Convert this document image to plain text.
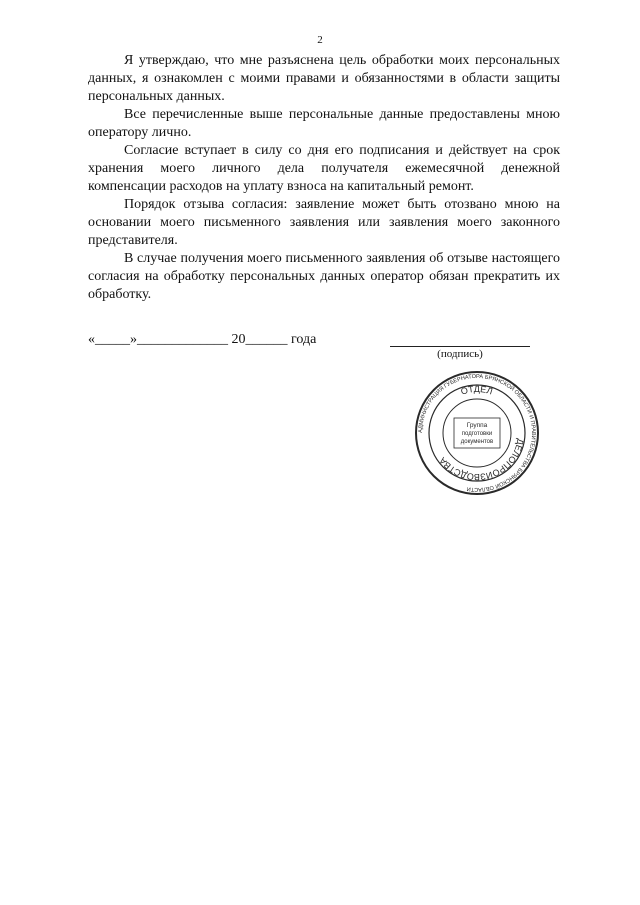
2

Я утверждаю, что мне разъяснена цель обработки моих персональных данных, я ознакомлен с моими правами и обязанностями в области защиты персональных данных.

Все перечисленные выше персональные данные предоставлены мною оператору лично.

Согласие вступает в силу со дня его подписания и действует на срок хранения моего личного дела получателя ежемесячной денежной компенсации расходов на уплату взноса на капитальный ремонт.

Порядок отзыва согласия: заявление может быть отозвано мною на основании моего письменного заявления или заявления моего законного представителя.

В случае получения моего письменного заявления об отзыве настоящего согласия на обработку персональных данных оператор обязан прекратить их обработку.

«_____»_____________ 20______ года
(подпись)
АДМИНИСТРАЦИЯ ГУБЕРНАТОРА БРЯНСКОЙ ОБЛАСТИ И ПРАВИТЕЛЬСТВА БРЯНСКОЙ ОБЛАСТИ
ОТДЕЛ
ДЕЛОПРОИЗВОДСТВА
Группа
подготовки
документов
